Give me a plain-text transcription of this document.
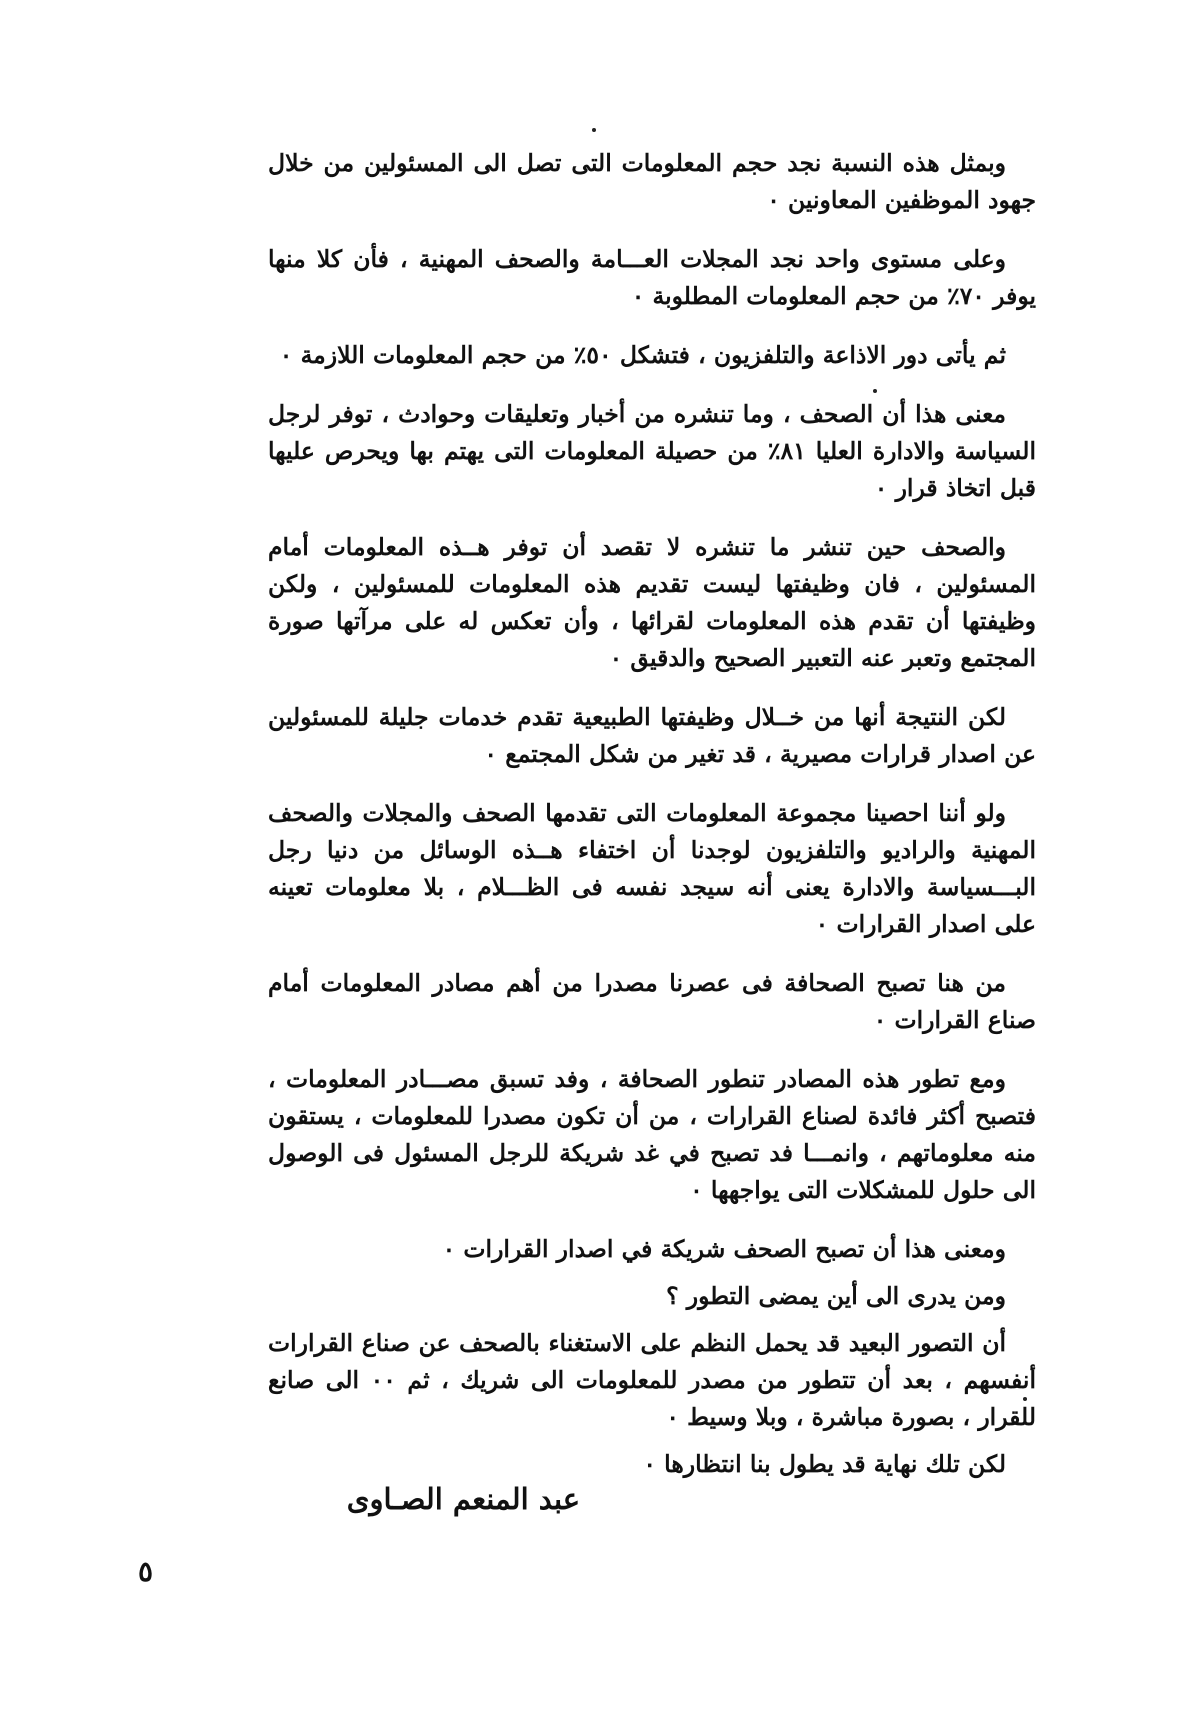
وبمثل هذه النسبة نجد حجم المعلومات التى تصل الى المسئولين من خلال جهود الموظفين المعاونين ٠

وعلى مستوى واحد نجد المجلات العـــامة والصحف المهنية ، فأن كلا منها يوفر ٧٠٪ من حجم المعلومات المطلوبة ٠

ثم يأتى دور الاذاعة والتلفزيون ، فتشكل ٥٠٪ من حجم المعلومات اللازمة ٠

معنى هذا أن الصحف ، وما تنشره من أخبار وتعليقات وحوادث ، توفر لرجل السياسة والادارة العليا ٨١٪ من حصيلة المعلومات التى يهتم بها ويحرص عليها قبل اتخاذ قرار ٠

والصحف حين تنشر ما تنشره لا تقصد أن توفر هــذه المعلومات أمام المسئولين ، فان وظيفتها ليست تقديم هذه المعلومات للمسئولين ، ولكن وظيفتها أن تقدم هذه المعلومات لقرائها ، وأن تعكس له على مرآتها صورة المجتمع وتعبر عنه التعبير الصحيح والدقيق ٠

لكن النتيجة أنها من خــلال وظيفتها الطبيعية تقدم خدمات جليلة للمسئولين عن اصدار قرارات مصيرية ، قد تغير من شكل المجتمع ٠

ولو أننا احصينا مجموعة المعلومات التى تقدمها الصحف والمجلات والصحف المهنية والراديو والتلفزيون لوجدنا أن اختفاء هــذه الوسائل من دنيا رجل البـــسياسة والادارة يعنى أنه سيجد نفسه فى الظـــلام ، بلا معلومات تعينه على اصدار القرارات ٠

من هنا تصبح الصحافة فى عصرنا مصدرا من أهم مصادر المعلومات أمام صناع القرارات ٠

ومع تطور هذه المصادر تنطور الصحافة ، وفد تسبق مصـــادر المعلومات ، فتصبح أكثر فائدة لصناع القرارات ، من أن تكون مصدرا للمعلومات ، يستقون منه معلوماتهم ، وانمـــا فد تصبح في غد شريكة للرجل المسئول فى الوصول الى حلول للمشكلات التى يواجهها ٠

ومعنى هذا أن تصبح الصحف شريكة في اصدار القرارات ٠

ومن يدرى الى أين يمضى التطور ؟

أن التصور البعيد قد يحمل النظم على الاستغناء بالصحف عن صناع القرارات أنفسهم ، بعد أن تتطور من مصدر للمعلومات الى شريك ، ثم ٠٠ الى صانع للقرار ، بصورة مباشرة ، وبلا وسيط ٠

لكن تلك نهاية قد يطول بنا انتظارها ٠

عبد المنعم الصـاوى
٥
